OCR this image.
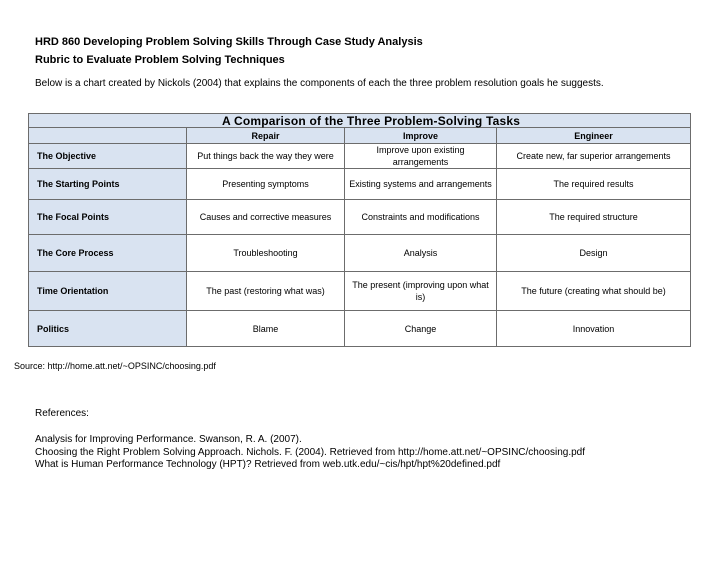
HRD 860 Developing Problem Solving Skills Through Case Study Analysis
Rubric to Evaluate Problem Solving Techniques
Below is a chart created by Nickols (2004) that explains the components of each the three problem resolution goals he suggests.
A Comparison of the Three Problem-Solving Tasks			
	Repair	Improve	Engineer
The Objective	Put things back the way they were	Improve upon existing arrangements	Create new, far superior arrangements
The Starting Points	Presenting symptoms	Existing systems and arrangements	The required results
The Focal Points	Causes and corrective measures	Constraints and modifications	The required structure
The Core Process	Troubleshooting	Analysis	Design
Time Orientation	The past (restoring what was)	The present (improving upon what is)	The future (creating what should be)
Politics	Blame	Change	Innovation
Source: http://home.att.net/~OPSINC/choosing.pdf
References:
Analysis for Improving Performance. Swanson, R. A. (2007).
Choosing the Right Problem Solving Approach. Nichols. F. (2004). Retrieved from http://home.att.net/~OPSINC/choosing.pdf
What is Human Performance Technology (HPT)? Retrieved from web.utk.edu/~cis/hpt/hpt%20defined.pdf
